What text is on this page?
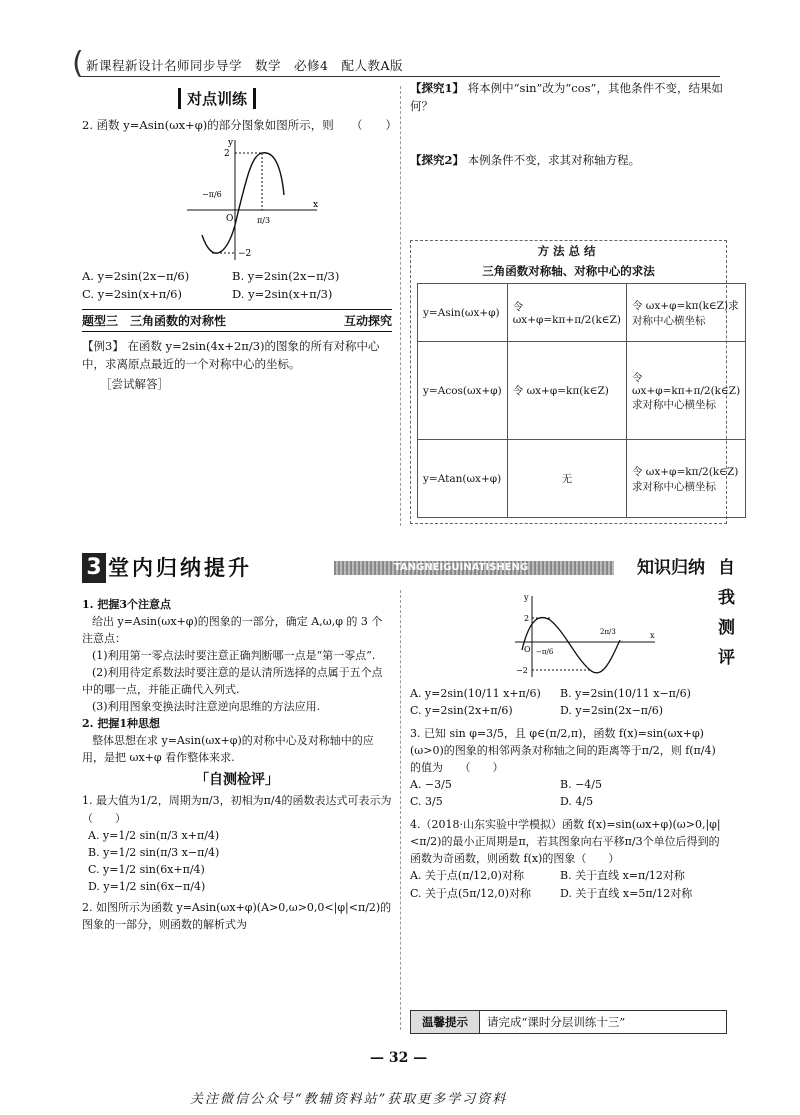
( 新课程新设计名师同步导学　数学　必修4　配人教A版
对点训练
2. 函数 y=Asin(ωx+φ)的部分图象如图所示，则　　（　　）
y
x
2
O
−2
−π/6
π/3
A. y=2sin(2x−π/6)	B. y=2sin(2x−π/3)
C. y=2sin(x+π/6)	D. y=2sin(x+π/3)
题型三　三角函数的对称性	互动探究
【例3】 在函数 y=2sin(4x+2π/3)的图象的所有对称中心中，求离原点最近的一个对称中心的坐标。
［尝试解答］
【探究1】 将本例中“sin”改为“cos”，其他条件不变，结果如何？
【探究2】 本例条件不变，求其对称轴方程。
方法总结
三角函数对称轴、对称中心的求法
y=Asin(ωx+φ)	令 ωx+φ=kπ+π/2(k∈Z)	令 ωx+φ=kπ(k∈Z)求对称中心横坐标
y=Acos(ωx+φ)	令 ωx+φ=kπ(k∈Z)	令 ωx+φ=kπ+π/2(k∈Z)求对称中心横坐标
y=Atan(ωx+φ)	无	令 ωx+φ=kπ/2(k∈Z)求对称中心横坐标
3 堂内归纳提升	TANGNEIGUINATISHENG	知识归纳 自我测评
1. 把握3个注意点
给出 y=Asin(ωx+φ)的图象的一部分，确定 A,ω,φ 的 3 个注意点：
(1)利用第一零点法时要注意正确判断哪一点是“第一零点”.
(2)利用待定系数法时要注意的是认清所选择的点属于五个点中的哪一点，并能正确代入列式.
(3)利用图象变换法时注意逆向思维的方法应用.
2. 把握1种思想
整体思想在求 y=Asin(ωx+φ)的对称中心及对称轴中的应用，是把 ωx+φ 看作整体来求.
「自测检评」
1. 最大值为1/2，周期为π/3，初相为π/4的函数表达式可表示为　　（　　）
A. y=1/2 sin(π/3 x+π/4)
B. y=1/2 sin(π/3 x−π/4)
C. y=1/2 sin(6x+π/4)
D. y=1/2 sin(6x−π/4)
2. 如图所示为函数 y=Asin(ωx+φ)(A>0,ω>0,0<|φ|<π/2)的图象的一部分，则函数的解析式为
y
x
2
O
−2
−π/6
2π/3
A. y=2sin(10/11 x+π/6) B. y=2sin(10/11 x−π/6)
C. y=2sin(2x+π/6)	D. y=2sin(2x−π/6)
3. 已知 sin φ=3/5，且 φ∈(π/2,π)，函数 f(x)=sin(ωx+φ)(ω>0)的图象的相邻两条对称轴之间的距离等于π/2，则 f(π/4)的值为　　（　　）
A. −3/5	B. −4/5
C. 3/5	D. 4/5
4.（2018·山东实验中学模拟）函数 f(x)=sin(ωx+φ)(ω>0,|φ|<π/2)的最小正周期是π，若其图象向右平移π/3个单位后得到的函数为奇函数，则函数 f(x)的图象（　　）
A. 关于点(π/12,0)对称	B. 关于直线 x=π/12对称
C. 关于点(5π/12,0)对称	D. 关于直线 x=5π/12对称
温馨提示	请完成“课时分层训练十三”
— 32 —
关注微信公众号“教辅资料站”获取更多学习资料
